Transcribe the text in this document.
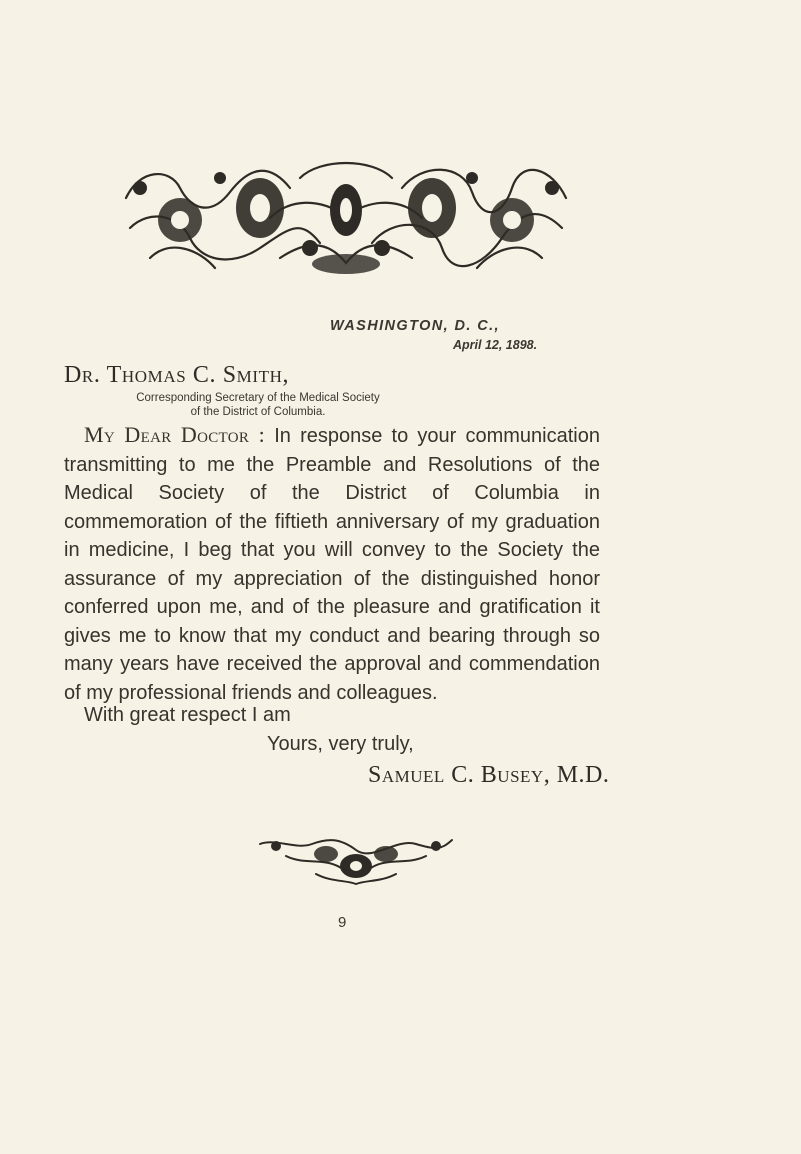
WASHINGTON, D. C.,
April 12, 1898.
Dr. Thomas C. Smith,
Corresponding Secretary of the Medical Society
of the District of Columbia.

My Dear Doctor : In response to your communication transmitting to me the Preamble and Resolutions of the Medical Society of the District of Columbia in commemoration of the fiftieth anniversary of my graduation in medicine, I beg that you will convey to the Society the assurance of my appreciation of the distinguished honor conferred upon me, and of the pleasure and gratification it gives me to know that my conduct and bearing through so many years have received the approval and commendation of my professional friends and colleagues.

With great respect I am
Yours, very truly,
Samuel C. Busey, M.D.
9
